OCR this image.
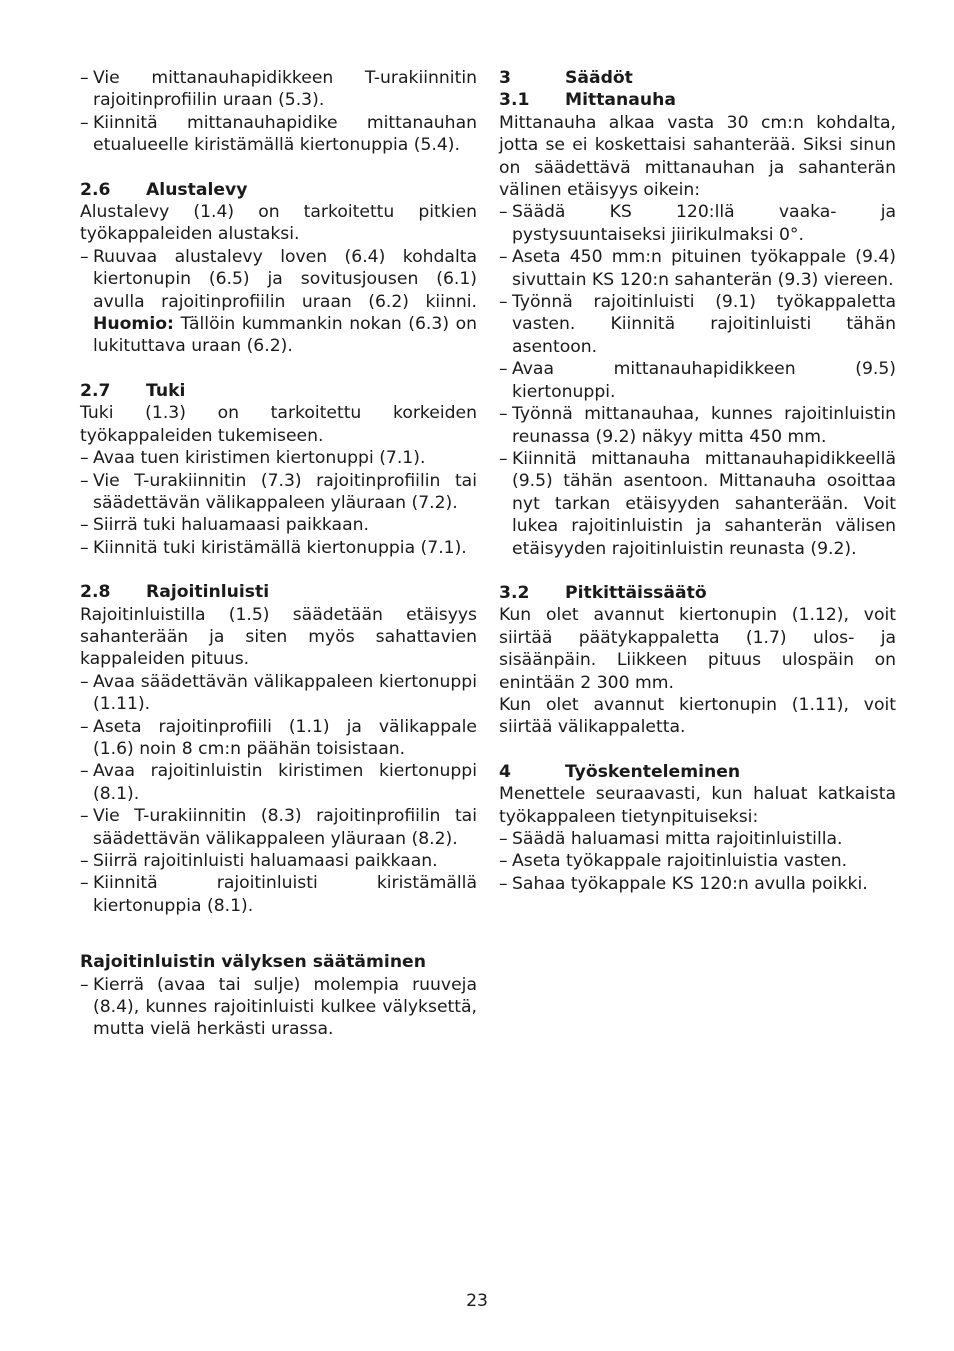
– Vie mittanauhapidikkeen T-urakiinnitin rajoitinprofiilin uraan (5.3).
– Kiinnitä mittanauhapidike mittanauhan etualueelle kiristämällä kiertonuppia (5.4).
2.6 Alustalevy

Alustalevy (1.4) on tarkoitettu pitkien työkappaleiden alustaksi.

– Ruuvaa alustalevy loven (6.4) kohdalta kiertonupin (6.5) ja sovitusjousen (6.1) avulla rajoitinprofiilin uraan (6.2) kiinni. Huomio: Tällöin kummankin nokan (6.3) on lukituttava uraan (6.2).
2.7 Tuki

Tuki (1.3) on tarkoitettu korkeiden työkappaleiden tukemiseen.

– Avaa tuen kiristimen kiertonuppi (7.1).
– Vie T-urakiinnitin (7.3) rajoitinprofiilin tai säädettävän välikappaleen yläuraan (7.2).
– Siirrä tuki haluamaasi paikkaan.
– Kiinnitä tuki kiristämällä kiertonuppia (7.1).
2.8 Rajoitinluisti

Rajoitinluistilla (1.5) säädetään etäisyys sahanterään ja siten myös sahattavien kappaleiden pituus.

– Avaa säädettävän välikappaleen kiertonuppi (1.11).
– Aseta rajoitinprofiili (1.1) ja välikappale (1.6) noin 8 cm:n päähän toisistaan.
– Avaa rajoitinluistin kiristimen kiertonuppi (8.1).
– Vie T-urakiinnitin (8.3) rajoitinprofiilin tai säädettävän välikappaleen yläuraan (8.2).
– Siirrä rajoitinluisti haluamaasi paikkaan.
– Kiinnitä rajoitinluisti kiristämällä kiertonuppia (8.1).
Rajoitinluistin välyksen säätäminen
– Kierrä (avaa tai sulje) molempia ruuveja (8.4), kunnes rajoitinluisti kulkee välyksettä, mutta vielä herkästi urassa.
3	Säädöt
3.1 Mittanauha

Mittanauha alkaa vasta 30 cm:n kohdalta, jotta se ei koskettaisi sahanterää. Siksi sinun on säädettävä mittanauhan ja sahanterän välinen etäisyys oikein:

– Säädä KS 120:llä vaaka- ja pystysuuntaiseksi jiirikulmaksi 0°.
– Aseta 450 mm:n pituinen työkappale (9.4) sivuttain KS 120:n sahanterän (9.3) viereen.
– Työnnä rajoitinluisti (9.1) työkappaletta vasten. Kiinnitä rajoitinluisti tähän asentoon.
– Avaa mittanauhapidikkeen (9.5) kiertonuppi.
– Työnnä mittanauhaa, kunnes rajoitinluistin reunassa (9.2) näkyy mitta 450 mm.
– Kiinnitä mittanauha mittanauhapidikkeellä (9.5) tähän asentoon. Mittanauha osoittaa nyt tarkan etäisyyden sahanterään. Voit lukea rajoitinluistin ja sahanterän välisen etäisyyden rajoitinluistin reunasta (9.2).
3.2 Pitkittäissäätö

Kun olet avannut kiertonupin (1.12), voit siirtää päätykappaletta (1.7) ulos- ja sisäänpäin. Liikkeen pituus ulospäin on enintään 2 300 mm.

Kun olet avannut kiertonupin (1.11), voit siirtää välikappaletta.

4	Työskenteleminen

Menettele seuraavasti, kun haluat katkaista työkappaleen tietynpituiseksi:

– Säädä haluamasi mitta rajoitinluistilla.
– Aseta työkappale rajoitinluistia vasten.
– Sahaa työkappale KS 120:n avulla poikki.
23
